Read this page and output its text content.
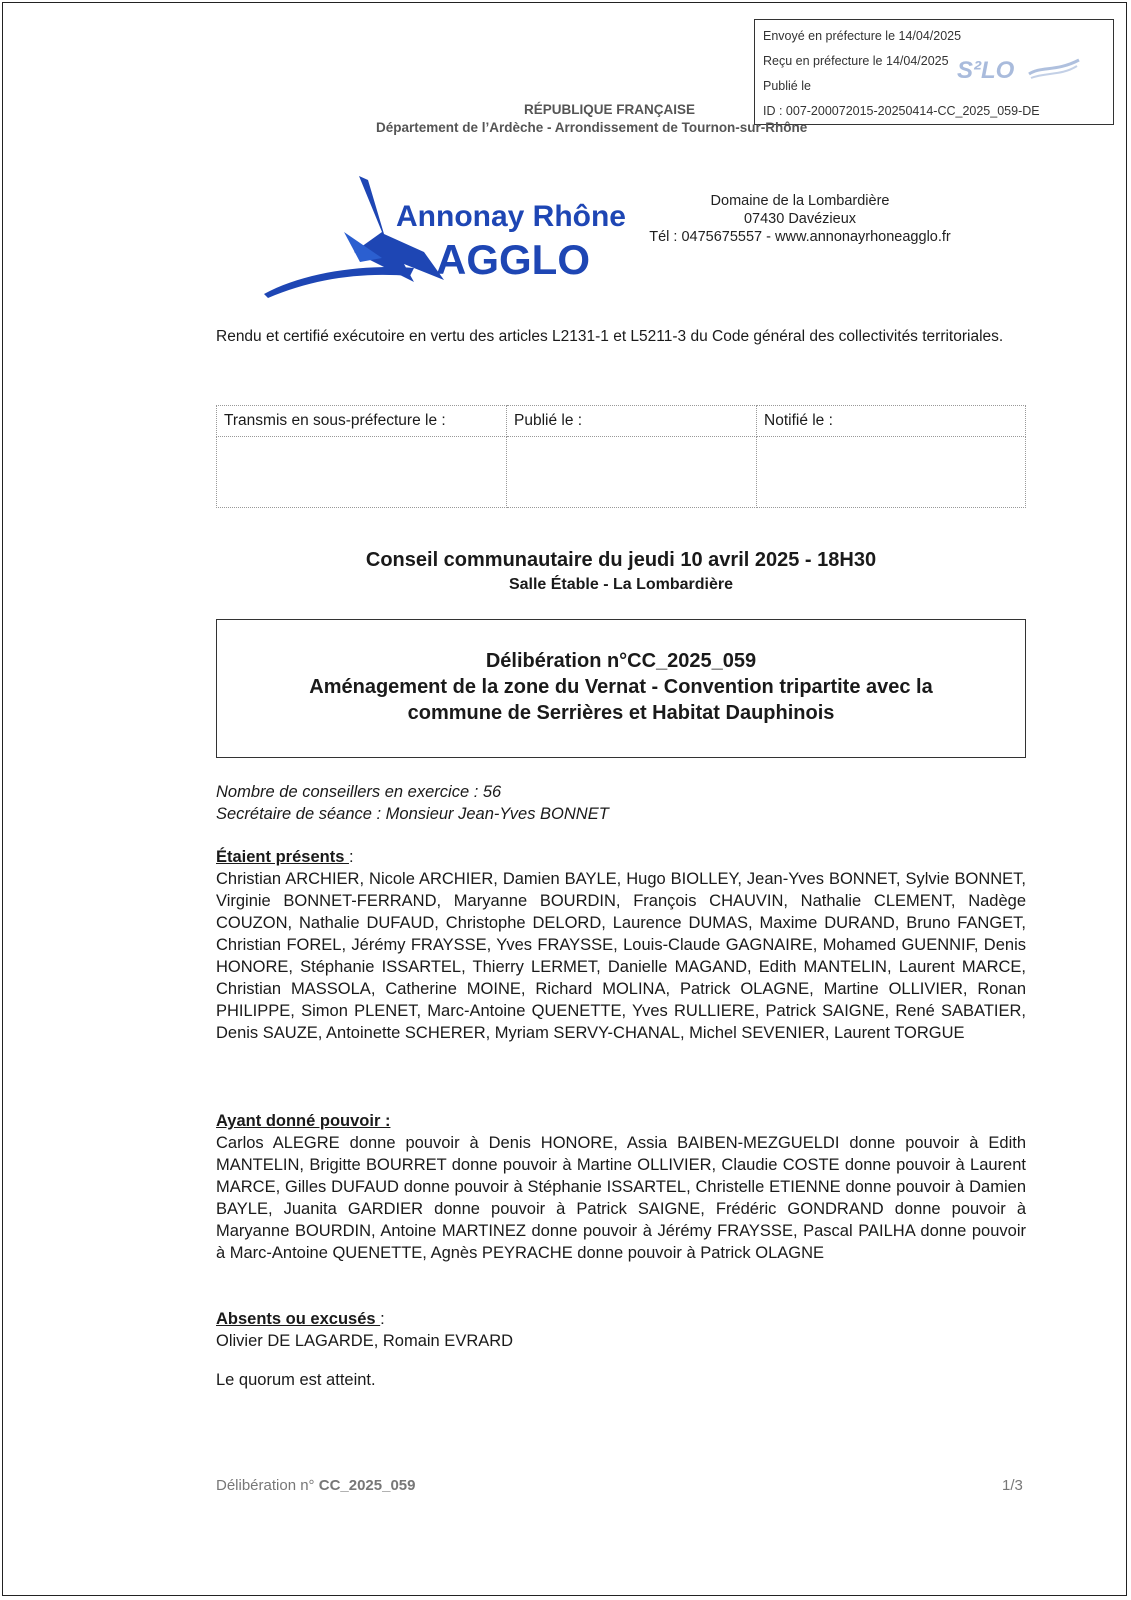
Envoyé en préfecture le 14/04/2025
Reçu en préfecture le 14/04/2025
Publié le
ID : 007-200072015-20250414-CC_2025_059-DE
S²LO
RÉPUBLIQUE FRANÇAISE
Département de l’Ardèche - Arrondissement de Tournon-sur-Rhône
Annonay Rhône
AGGLO
Domaine de la Lombardière
07430 Davézieux
Tél : 0475675557 - www.annonayrhoneagglo.fr
Rendu et certifié exécutoire en vertu des articles L2131-1 et L5211-3 du Code général des collectivités territoriales.
Transmis en sous-préfecture le :	Publié le :	Notifié le :

Conseil communautaire du jeudi 10 avril 2025 - 18H30
Salle Étable - La Lombardière
Délibération n°CC_2025_059
Aménagement de la zone du Vernat - Convention tripartite avec la
commune de Serrières et Habitat Dauphinois
Nombre de conseillers en exercice : 56
Secrétaire de séance : Monsieur Jean-Yves BONNET
Étaient présents :
Christian ARCHIER, Nicole ARCHIER, Damien BAYLE, Hugo BIOLLEY, Jean-Yves BONNET, Sylvie BONNET, Virginie BONNET-FERRAND, Maryanne BOURDIN, François CHAUVIN, Nathalie CLEMENT, Nadège COUZON, Nathalie DUFAUD, Christophe DELORD, Laurence DUMAS, Maxime DURAND, Bruno FANGET, Christian FOREL, Jérémy FRAYSSE, Yves FRAYSSE, Louis-Claude GAGNAIRE, Mohamed GUENNIF, Denis HONORE, Stéphanie ISSARTEL, Thierry LERMET, Danielle MAGAND, Edith MANTELIN, Laurent MARCE, Christian MASSOLA, Catherine MOINE, Richard MOLINA, Patrick OLAGNE, Martine OLLIVIER, Ronan PHILIPPE, Simon PLENET, Marc-Antoine QUENETTE, Yves RULLIERE, Patrick SAIGNE, René SABATIER, Denis SAUZE, Antoinette SCHERER, Myriam SERVY-CHANAL, Michel SEVENIER, Laurent TORGUE
Ayant donné pouvoir :
Carlos ALEGRE donne pouvoir à Denis HONORE, Assia BAIBEN-MEZGUELDI donne pouvoir à Edith MANTELIN, Brigitte BOURRET donne pouvoir à Martine OLLIVIER, Claudie COSTE donne pouvoir à Laurent MARCE, Gilles DUFAUD donne pouvoir à Stéphanie ISSARTEL, Christelle ETIENNE donne pouvoir à Damien BAYLE, Juanita GARDIER donne pouvoir à Patrick SAIGNE, Frédéric GONDRAND donne pouvoir à Maryanne BOURDIN, Antoine MARTINEZ donne pouvoir à Jérémy FRAYSSE, Pascal PAILHA donne pouvoir à Marc-Antoine QUENETTE, Agnès PEYRACHE donne pouvoir à Patrick OLAGNE
Absents ou excusés :
Olivier DE LAGARDE, Romain EVRARD
Le quorum est atteint.
Délibération n° CC_2025_059	1/3
